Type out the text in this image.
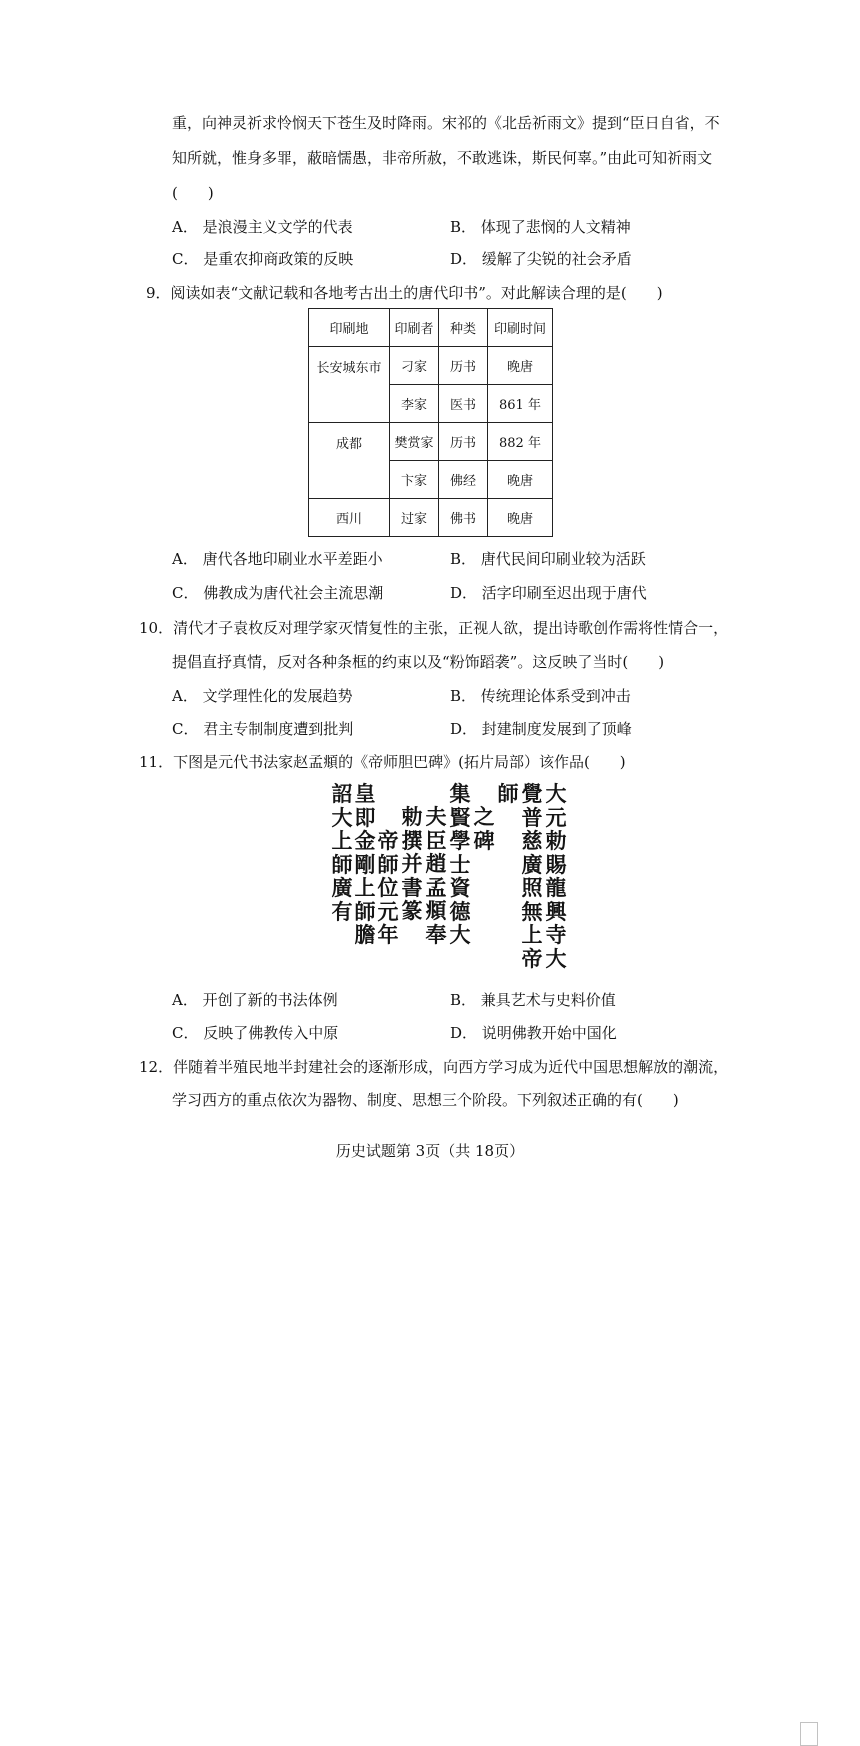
重，向神灵祈求怜悯天下苍生及时降雨。宋祁的《北岳祈雨文》提到“臣日自省，不
知所就，惟身多罪，蔽暗懦愚，非帝所赦，不敢逃诛，斯民何辜。”由此可知祈雨文
(　　)
A． 是浪漫主义文学的代表	B． 体现了悲悯的人文精神
C． 是重农抑商政策的反映	D． 缓解了尖锐的社会矛盾
9．阅读如表“文献记载和各地考古出土的唐代印书”。对此解读合理的是(　　)
印刷地	印刷者	种类	印刷时间
长安城东市	刁家	历书	晚唐
	李家	医书	861 年
成都	樊赏家	历书	882 年
	卞家	佛经	晚唐
西川	过家	佛书	晚唐
A． 唐代各地印刷业水平差距小	B． 唐代民间印刷业较为活跃
C． 佛教成为唐代社会主流思潮	D． 活字印刷至迟出现于唐代
10．清代才子袁枚反对理学家灭情复性的主张，正视人欲，提出诗歌创作需将性情合一，
提倡直抒真情，反对各种条框的约束以及“粉饰蹈袭”。这反映了当时(　　)
A． 文学理性化的发展趋势	B． 传统理论体系受到冲击
C． 君主专制制度遭到批判	D． 封建制度发展到了顶峰
11．下图是元代书法家赵孟頫的《帝师胆巴碑》(拓片局部）该作品(　　)
大
元
勅
賜
龍
興
寺
大
覺
普
慈
廣
照
無
上
帝
師
之
碑
集
賢
學
士
資
德
大
夫
臣
趙
孟
頫
奉
勅
撰
并
書
篆
帝
師
位
元
年
皇
即
金
剛
上
師
膽
詔
大
上
師
廣
有
A． 开创了新的书法体例	B． 兼具艺术与史料价值
C． 反映了佛教传入中原	D． 说明佛教开始中国化
12．伴随着半殖民地半封建社会的逐渐形成，向西方学习成为近代中国思想解放的潮流，
学习西方的重点依次为器物、制度、思想三个阶段。下列叙述正确的有(　　)
历史试题第 3页（共 18页）
